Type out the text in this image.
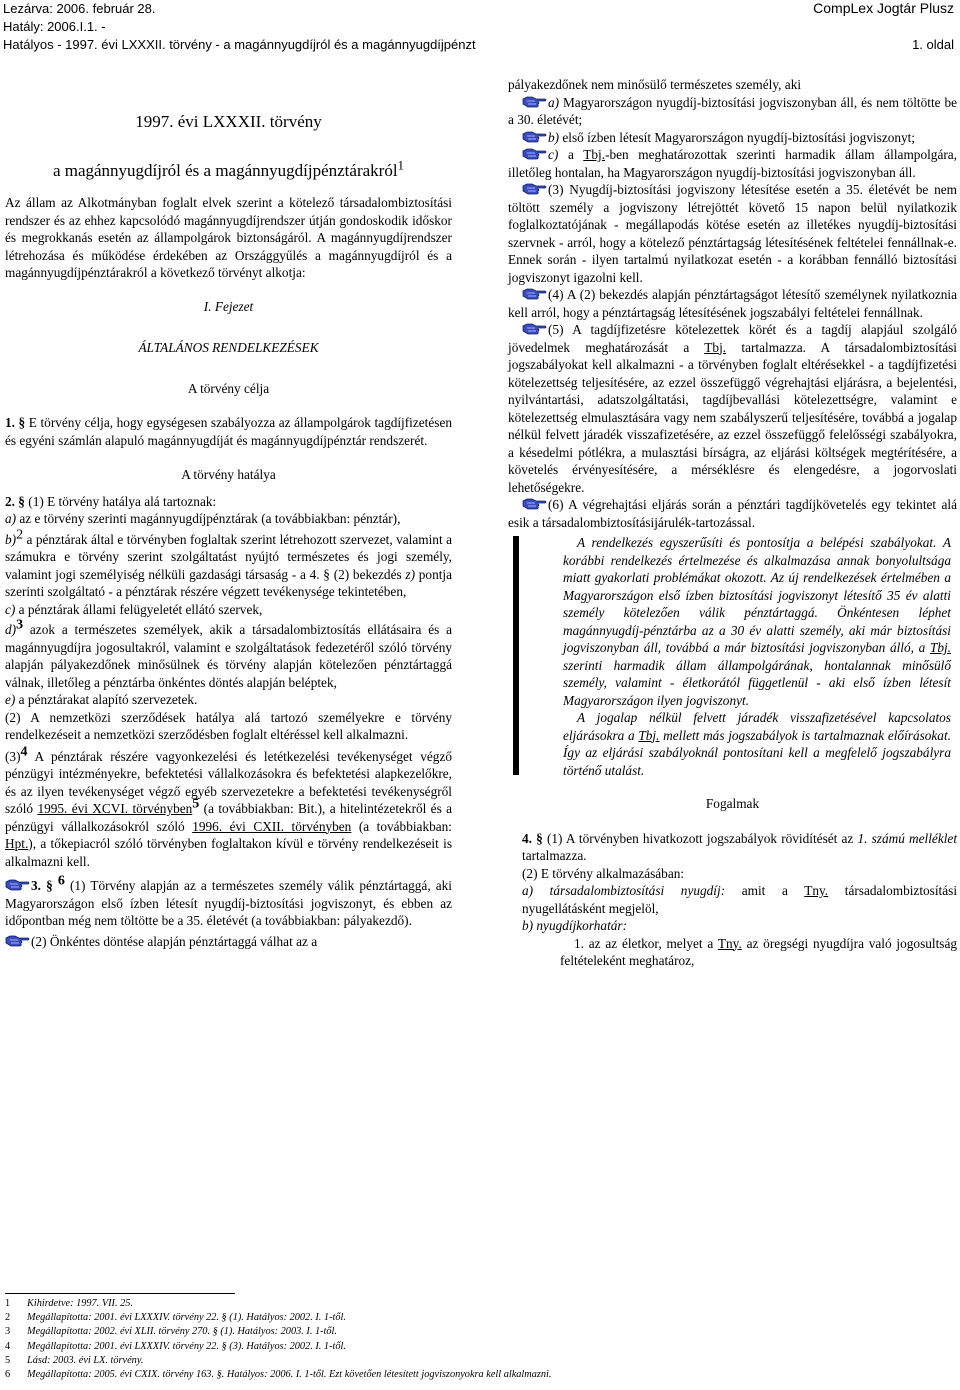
Lezárva: 2006. február 28.	CompLex Jogtár Plusz
Hatály: 2006.I.1. -
Hatályos - 1997. évi LXXXII. törvény - a magánnyugdíjról és a magánnyugdíjpénzt	1. oldal

1997. évi LXXXII. törvény

a magánnyugdíjról és a magánnyugdíjpénztárakról$^1$

Az állam az Alkotmányban foglalt elvek szerint a kötelező társadalombiztosítási rendszer és az ehhez kapcsolódó magánnyugdíjrendszer útján gondoskodik időskor és megrokkanás esetén az állampolgárok biztonságáról. A magánnyugdíjrendszer létrehozása és működése érdekében az Országgyűlés a magánnyugdíjról és a magánnyugdíjpénztárakról a következő törvényt alkotja:

I. Fejezet

ÁLTALÁNOS RENDELKEZÉSEK

A törvény célja

1. § E törvény célja, hogy egységesen szabályozza az állampolgárok tagdíjfizetésen és egyéni számlán alapuló magánnyugdíját és magánnyugdíjpénztár rendszerét.

A törvény hatálya

2. § (1) E törvény hatálya alá tartoznak:

a) az e törvény szerinti magánnyugdíjpénztárak (a továbbiakban: pénztár),

b)2 a pénztárak által e törvényben foglaltak szerint létrehozott szervezet, valamint a számukra e törvény szerint szolgáltatást nyújtó természetes és jogi személy, valamint jogi személyiség nélküli gazdasági társaság - a 4. § (2) bekezdés z) pontja szerinti szolgáltató - a pénztárak részére végzett tevékenysége tekintetében,

c) a pénztárak állami felügyeletét ellátó szervek,

d)3 azok a természetes személyek, akik a társadalombiztosítás ellátásaira és a magánnyugdíjra jogosultakról, valamint e szolgáltatások fedezetéről szóló törvény alapján pályakezdőnek minősülnek és törvény alapján kötelezően pénztártaggá válnak, illetőleg a pénztárba önkéntes döntés alapján beléptek,

e) a pénztárakat alapító szervezetek.

(2) A nemzetközi szerződések hatálya alá tartozó személyekre e törvény rendelkezéseit a nemzetközi szerződésben foglalt eltéréssel kell alkalmazni.

(3)4 A pénztárak részére vagyonkezelési és letétkezelési tevékenységet végző pénzügyi intézményekre, befektetési vállalkozásokra és befektetési alapkezelőkre, és az ilyen tevékenységet végző egyéb szervezetekre a befektetési tevékenységről szóló 1995. évi XCVI. törvényben5 (a továbbiakban: Bit.), a hitelintézetekről és a pénzügyi vállalkozásokról szóló 1996. évi CXII. törvényben (a továbbiakban: Hpt.), a tőkepiacról szóló törvényben foglaltakon kívül e törvény rendelkezéseit is alkalmazni kell.

3. § 6 (1) Törvény alapján az a természetes személy válik pénztártaggá, aki Magyarországon első ízben létesít nyugdíj-biztosítási jogviszonyt, és ebben az időpontban még nem töltötte be a 35. életévét (a továbbiakban: pályakezdő).

(2) Önkéntes döntése alapján pénztártaggá válhat az a

pályakezdőnek nem minősülő természetes személy, aki

a) Magyarországon nyugdíj-biztosítási jogviszonyban áll, és nem töltötte be a 30. életévét;

b) első ízben létesít Magyarországon nyugdíj-biztosítási jogviszonyt;

c) a Tbj.-ben meghatározottak szerinti harmadik állam állampolgára, illetőleg hontalan, ha Magyarországon nyugdíj-biztosítási jogviszonyban áll.

(3) Nyugdíj-biztosítási jogviszony létesítése esetén a 35. életévét be nem töltött személy a jogviszony létrejöttét követő 15 napon belül nyilatkozik foglalkoztatójának - megállapodás kötése esetén az illetékes nyugdíj-biztosítási szervnek - arról, hogy a kötelező pénztártagság létesítésének feltételei fennállnak-e. Ennek során - ilyen tartalmú nyilatkozat esetén - a korábban fennálló biztosítási jogviszonyt igazolni kell.

(4) A (2) bekezdés alapján pénztártagságot létesítő személynek nyilatkoznia kell arról, hogy a pénztártagság létesítésének jogszabályi feltételei fennállnak.

(5) A tagdíjfizetésre kötelezettek körét és a tagdíj alapjául szolgáló jövedelmek meghatározását a Tbj. tartalmazza. A társadalombiztosítási jogszabályokat kell alkalmazni - a törvényben foglalt eltérésekkel - a tagdíjfizetési kötelezettség teljesítésére, az ezzel összefüggő végrehajtási eljárásra, a bejelentési, nyilvántartási, adatszolgáltatási, tagdíjbevallási kötelezettségre, valamint e kötelezettség elmulasztására vagy nem szabályszerű teljesítésére, továbbá a jogalap nélkül felvett járadék visszafizetésére, az ezzel összefüggő felelősségi szabályokra, a késedelmi pótlékra, a mulasztási bírságra, az eljárási költségek megtérítésére, a követelés érvényesítésére, a mérséklésre és elengedésre, a jogorvoslati lehetőségekre.

(6) A végrehajtási eljárás során a pénztári tagdíjkövetelés egy tekintet alá esik a társadalombiztosításijárulék-tartozással.

A rendelkezés egyszerűsíti és pontosítja a belépési szabályokat. A korábbi rendelkezés értelmezése és alkalmazása annak bonyolultsága miatt gyakorlati problémákat okozott. Az új rendelkezések értelmében a Magyarországon első ízben biztosítási jogviszonyt létesítő 35 év alatti személy kötelezően válik pénztártaggá. Önkéntesen léphet magánnyugdíj-pénztárba az a 30 év alatti személy, aki már biztosítási jogviszonyban áll, továbbá a már biztosítási jogviszonyban álló, a Tbj. szerinti harmadik állam állampolgárának, hontalannak minősülő személy, valamint - életkorától függetlenül - aki első ízben létesít Magyarországon ilyen jogviszonyt.

A jogalap nélkül felvett járadék visszafizetésével kapcsolatos eljárásokra a Tbj. mellett más jogszabályok is tartalmaznak előírásokat. Így az eljárási szabályoknál pontosítani kell a megfelelő jogszabályra történő utalást.

Fogalmak

4. § (1) A törvényben hivatkozott jogszabályok rövidítését az 1. számú melléklet tartalmazza.

(2) E törvény alkalmazásában:

a) társadalombiztosítási nyugdíj: amit a Tny. társadalombiztosítási nyugellátásként megjelöl,

b) nyugdíjkorhatár:

1. az az életkor, melyet a Tny. az öregségi nyugdíjra való jogosultság feltételeként meghatároz,

1 Kihirdetve: 1997. VII. 25.
2 Megállapította: 2001. évi LXXXIV. törvény 22. § (1). Hatályos: 2002. I. 1-től.
3 Megállapította: 2002. évi XLII. törvény 270. § (1). Hatályos: 2003. I. 1-től.
4 Megállapította: 2001. évi LXXXIV. törvény 22. § (3). Hatályos: 2002. I. 1-től.
5 Lásd: 2003. évi LX. törvény.
6 Megállapította: 2005. évi CXIX. törvény 163. §. Hatályos: 2006. I. 1-től. Ezt követően létesített jogviszonyokra kell alkalmazni.
